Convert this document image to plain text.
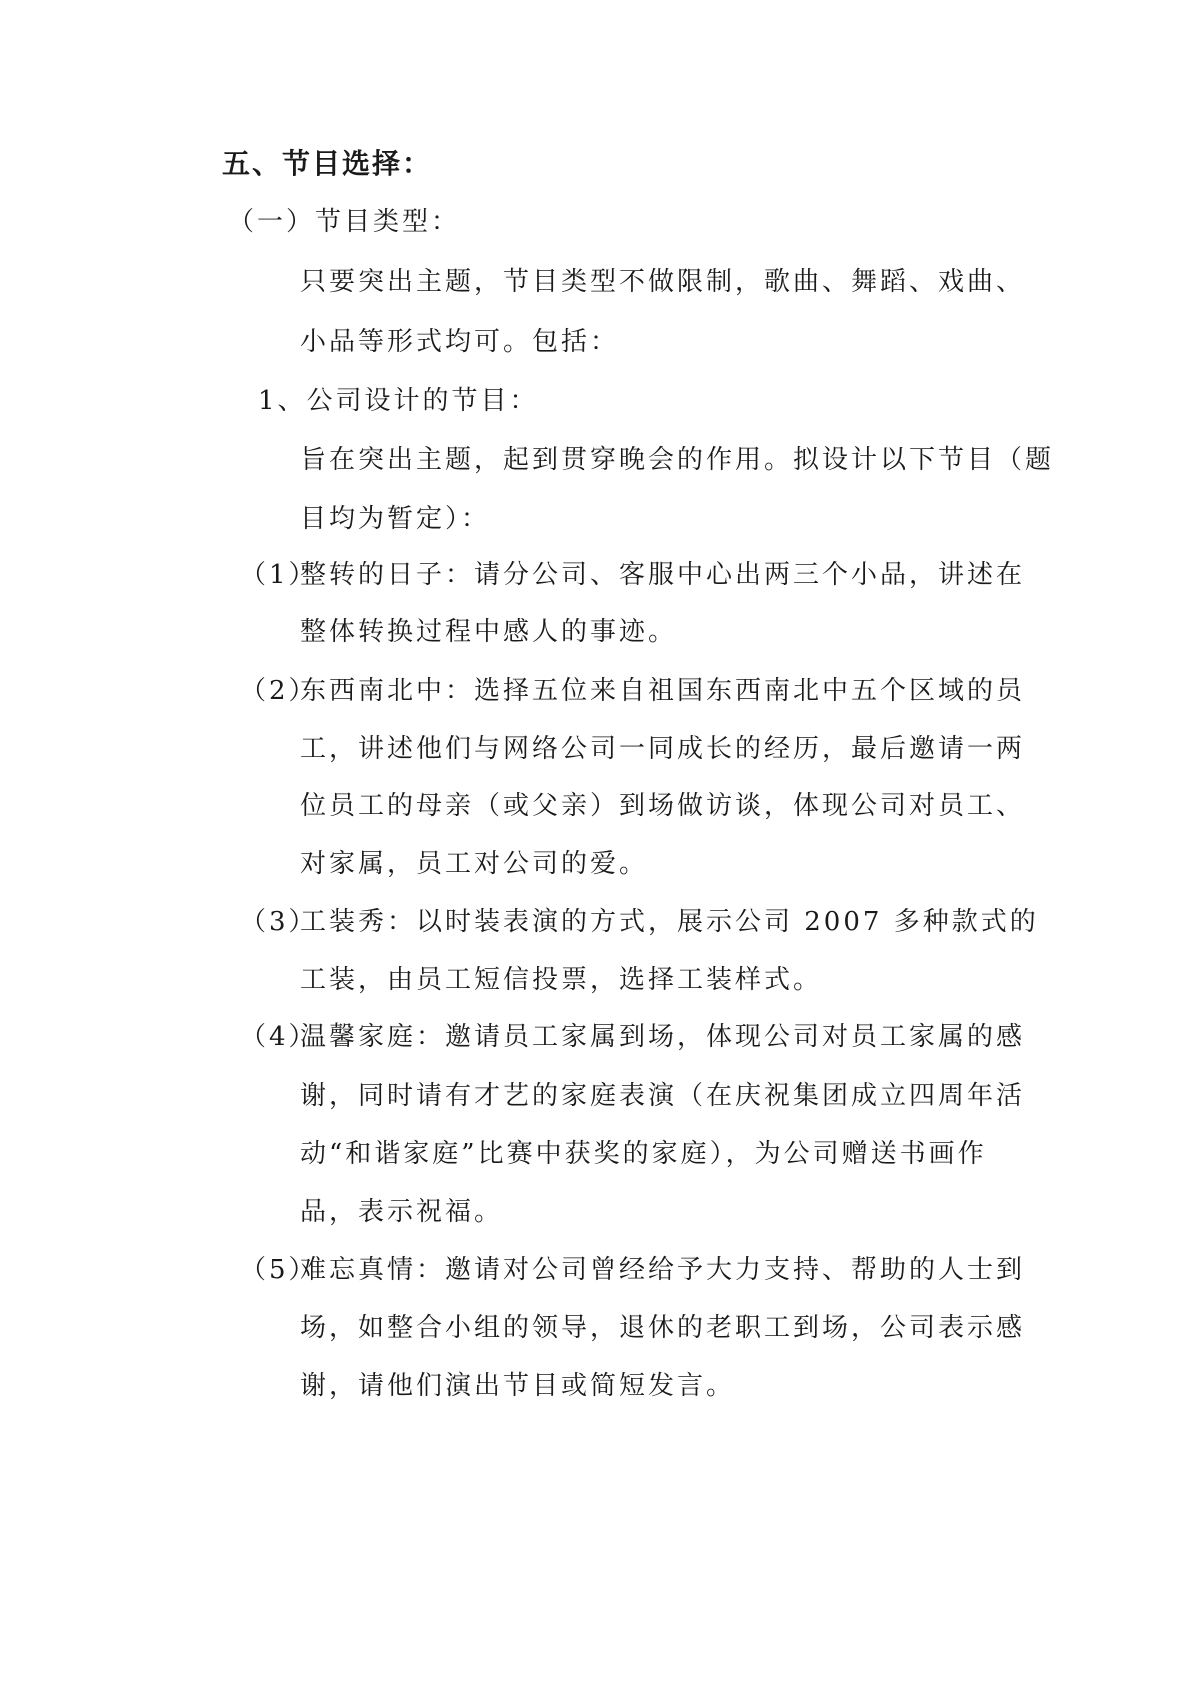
五、节目选择：
（一）节目类型：
只要突出主题，节目类型不做限制，歌曲、舞蹈、戏曲、
小品等形式均可。包括：
1、公司设计的节目：
旨在突出主题，起到贯穿晚会的作用。拟设计以下节目（题
目均为暂定）：
（1）
整转的日子：请分公司、客服中心出两三个小品，讲述在
整体转换过程中感人的事迹。
（2）
东西南北中：选择五位来自祖国东西南北中五个区域的员
工，讲述他们与网络公司一同成长的经历，最后邀请一两
位员工的母亲（或父亲）到场做访谈，体现公司对员工、
对家属，员工对公司的爱。
（3）
工装秀：以时装表演的方式，展示公司 2007 多种款式的
工装，由员工短信投票，选择工装样式。
（4）
温馨家庭：邀请员工家属到场，体现公司对员工家属的感
谢，同时请有才艺的家庭表演（在庆祝集团成立四周年活
动“和谐家庭”比赛中获奖的家庭），为公司赠送书画作
品，表示祝福。
（5）
难忘真情：邀请对公司曾经给予大力支持、帮助的人士到
场，如整合小组的领导，退休的老职工到场，公司表示感
谢，请他们演出节目或简短发言。
